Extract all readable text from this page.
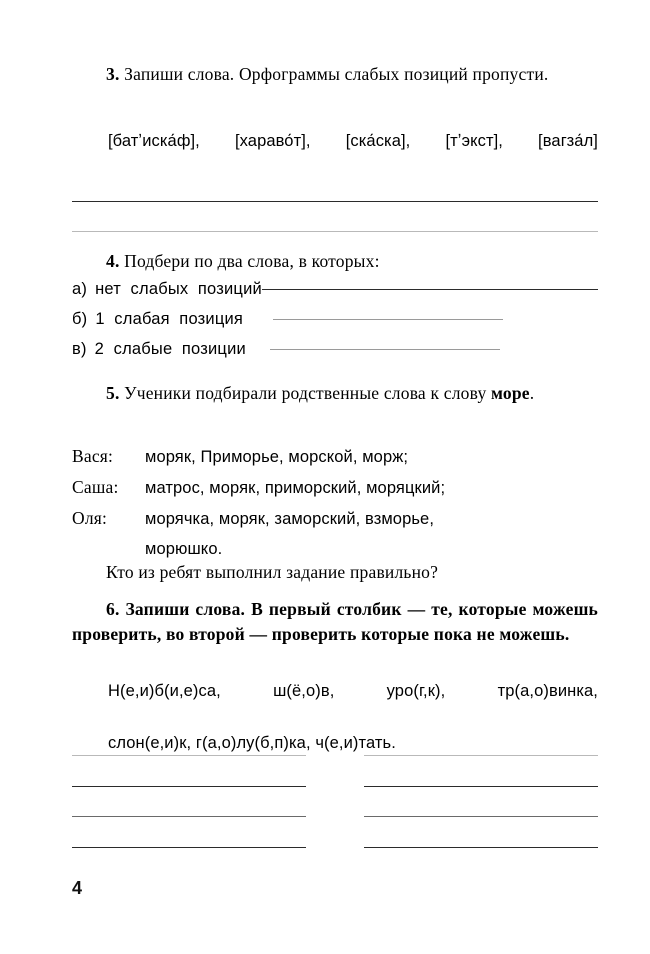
3. Запиши слова. Орфограммы слабых позиций пропусти.

[батʼиска́ф], [хараво́т], [ска́ска], [тʼэкст], [вагза́л]

4. Подбери по два слова, в которых:

а) нет  слабых  позиций
б) 1  слабая  позиция
в) 2  слабые  позиции

5. Ученики подбирали родственные слова к слову море.

Вася:	моряк, Приморье, морской, морж;
Саша:	матрос, моряк, приморский, моряцкий;
Оля:	морячка, моряк, заморский, взморье,
морюшко.

Кто из ребят выполнил задание правильно?

6. Запиши слова. В первый столбик — те, которые можешь проверить, во второй — проверить которые пока не можешь.

Н(е,и)б(и,е)са, ш(ё,о)в, уро(г,к), тр(а,о)винка,

слон(е,и)к, г(а,о)лу(б,п)ка, ч(е,и)тать.

4
